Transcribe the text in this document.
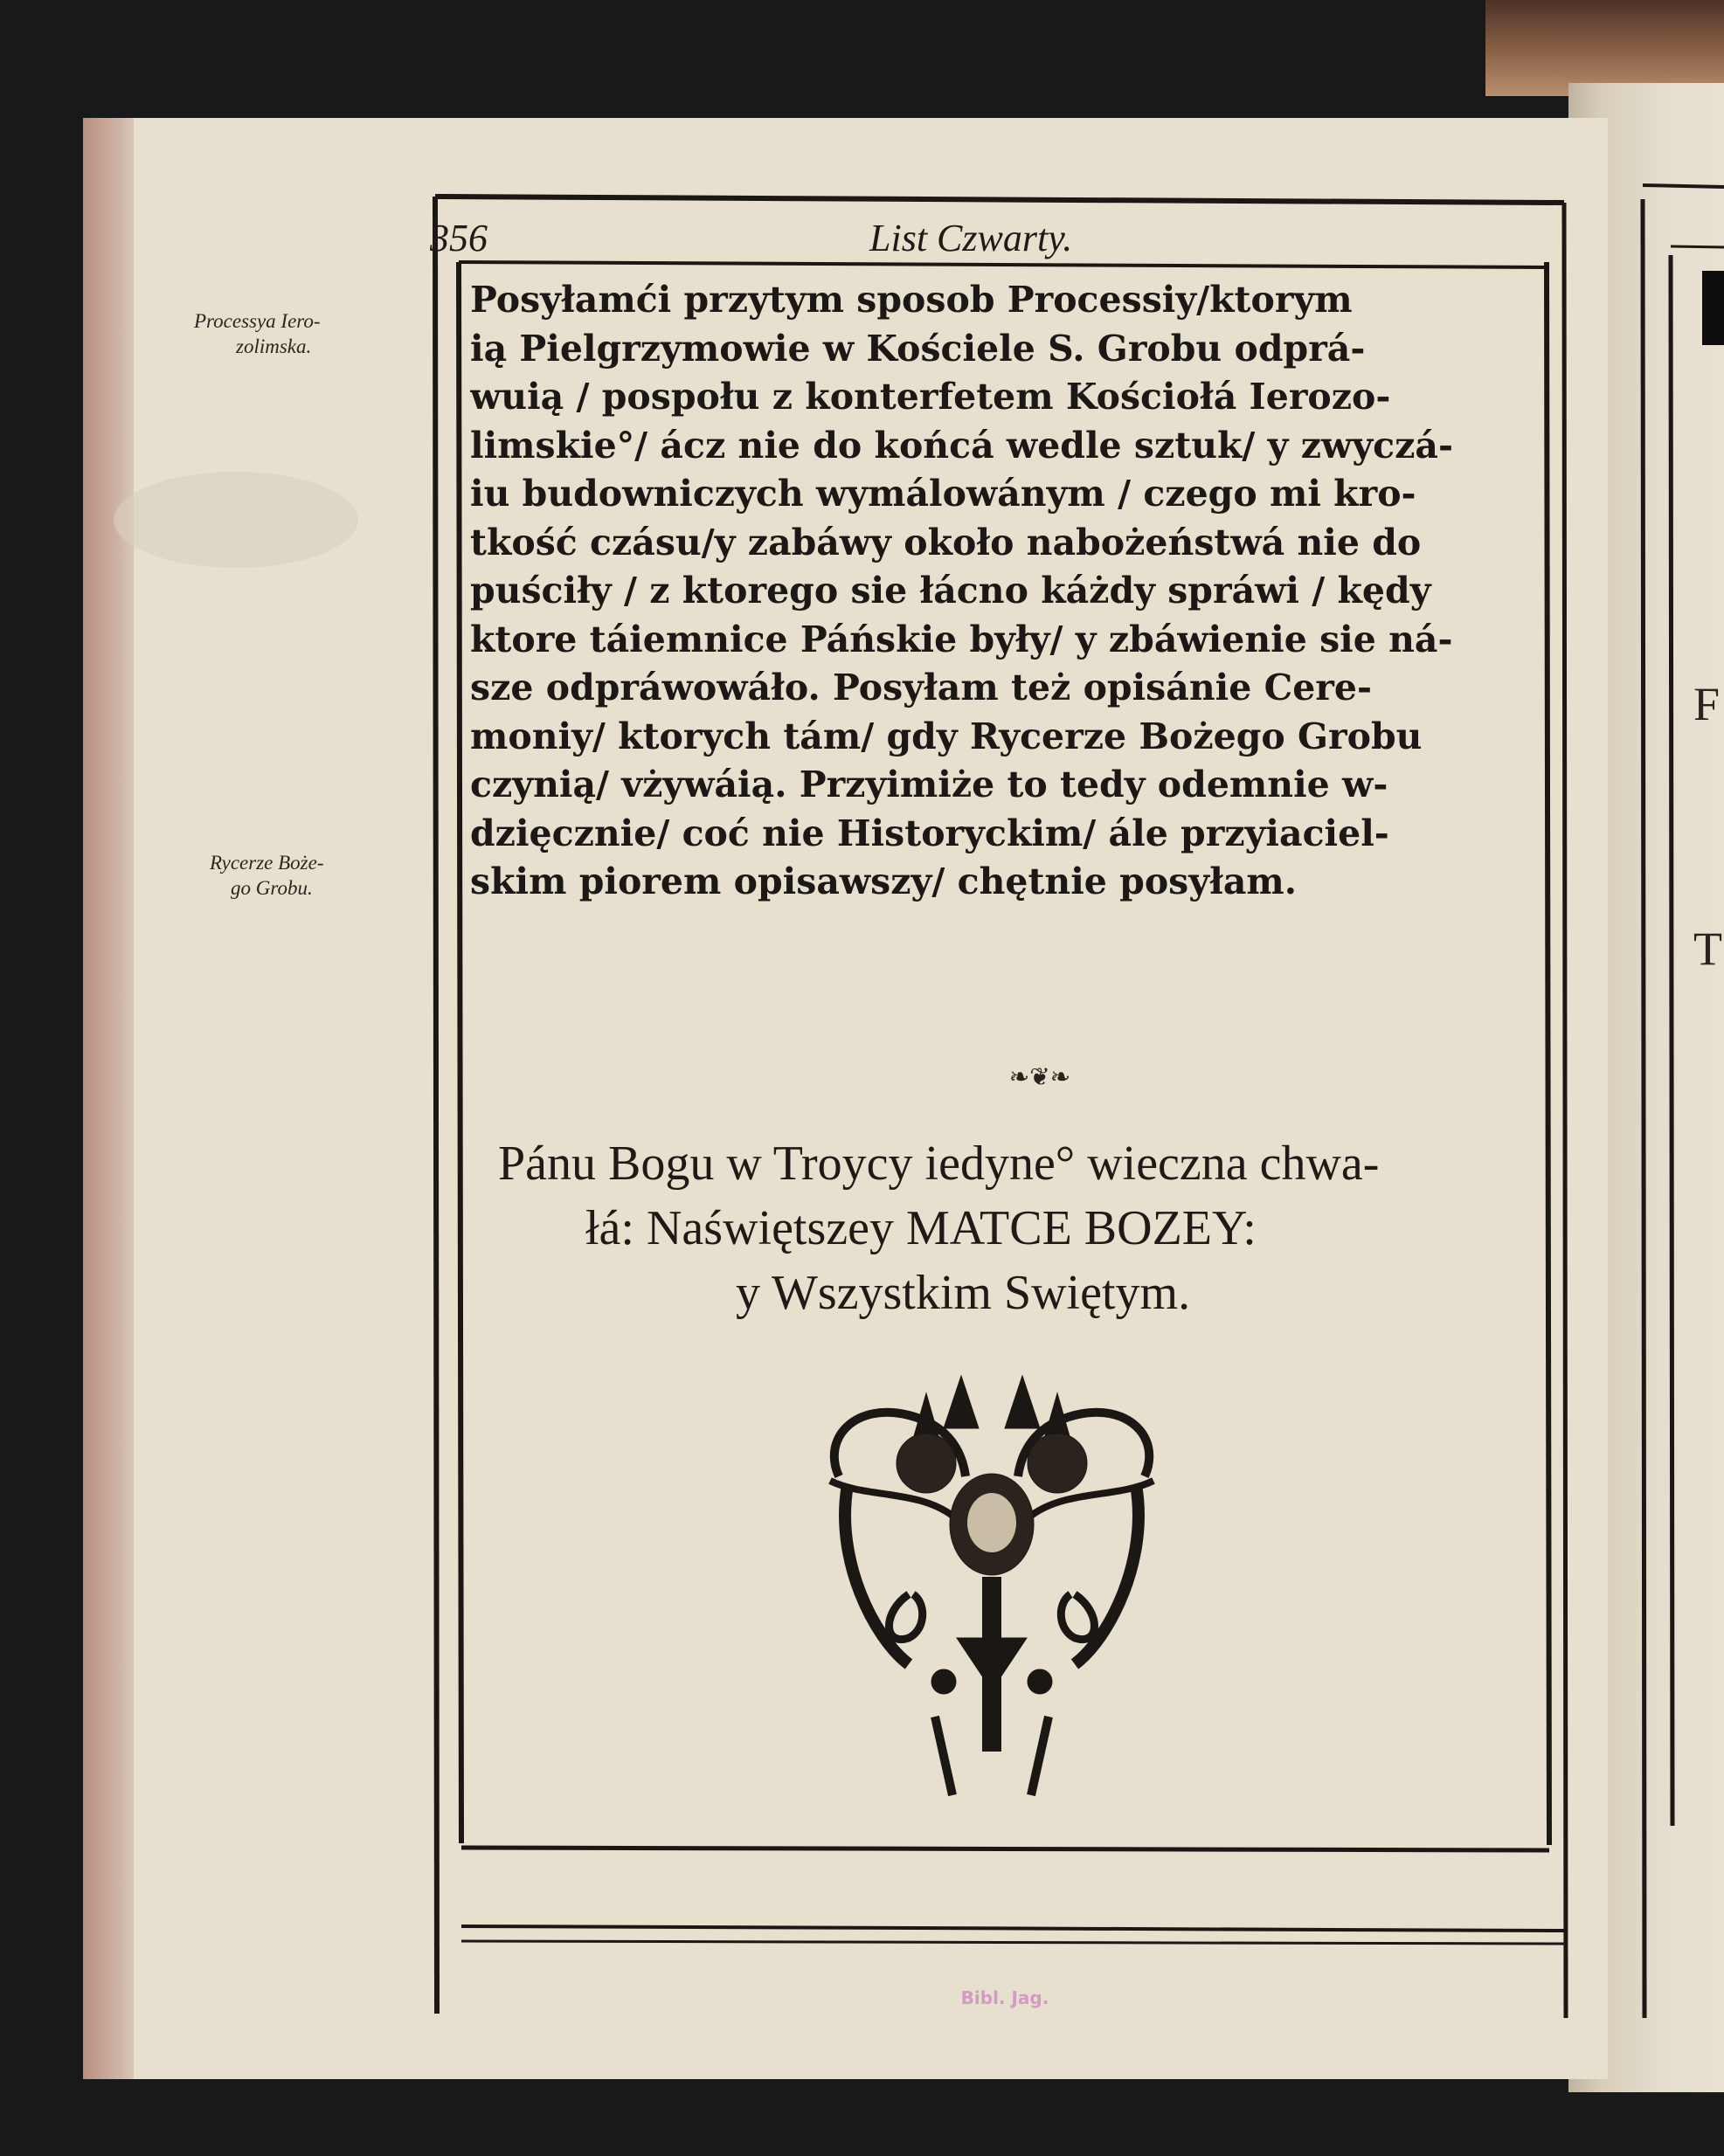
356	List Czwarty.
Processya Iero-
zolimska.
Rycerze Boże-
go Grobu.
Posyłamći przytym sposob Processiy/ktorym
ią Pielgrzymowie w Kościele S. Grobu odprá-
wuią / pospołu z konterfetem Kościołá Ierozo-
limskie°/ ácz nie do końcá wedle sztuk/ y zwyczá-
iu budowniczych wymálowánym / czego mi kro-
tkość czásu/y zabáwy około nabożeństwá nie do
puściły / z ktorego sie łácno káżdy spráwi / kędy
ktore táiemnice Páńskie były/ y zbáwienie sie ná-
sze odpráwowáło. Posyłam też opisánie Cere-
moniy/ ktorych tám/ gdy Rycerze Bożego Grobu
czynią/ vżywáią. Przyimiże to tedy odemnie w-
dzięcznie/ coć nie Historyckim/ ále przyiaciel-
skim piorem opisawszy/ chętnie posyłam.
❧❦❧
Pánu Bogu w Troycy iedyne° wieczna chwa-
łá: Naświętszey MATCE BOZEY:
y Wszystkim Swiętym.
Bibl. Jag.
F
T
